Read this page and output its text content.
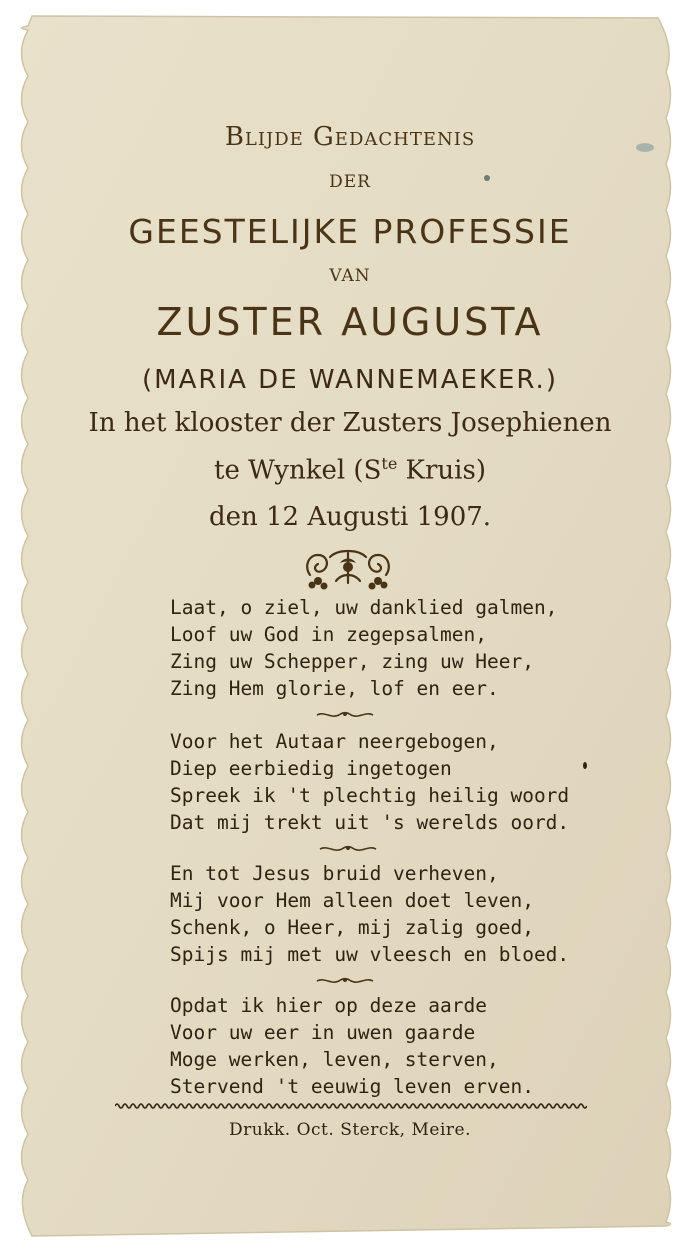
Blijde Gedachtenis
DER
GEESTELIJKE PROFESSIE
VAN
ZUSTER AUGUSTA
(MARIA DE WANNEMAEKER.)
In het klooster der Zusters Josephienen
te Wynkel ($S^{te}$ Kruis)
den 12 Augusti 1907.
Laat, o ziel, uw danklied galmen,
Loof uw God in zegepsalmen,
Zing uw Schepper, zing uw Heer,
Zing Hem glorie, lof en eer.
Voor het Autaar neergebogen,
Diep eerbiedig ingetogen
Spreek ik 't plechtig heilig woord
Dat mij trekt uit 's werelds oord.
En tot Jesus bruid verheven,
Mij voor Hem alleen doet leven,
Schenk, o Heer, mij zalig goed,
Spijs mij met uw vleesch en bloed.
Opdat ik hier op deze aarde
Voor uw eer in uwen gaarde
Moge werken, leven, sterven,
Stervend 't eeuwig leven erven.
Drukk. Oct. Sterck, Meire.
